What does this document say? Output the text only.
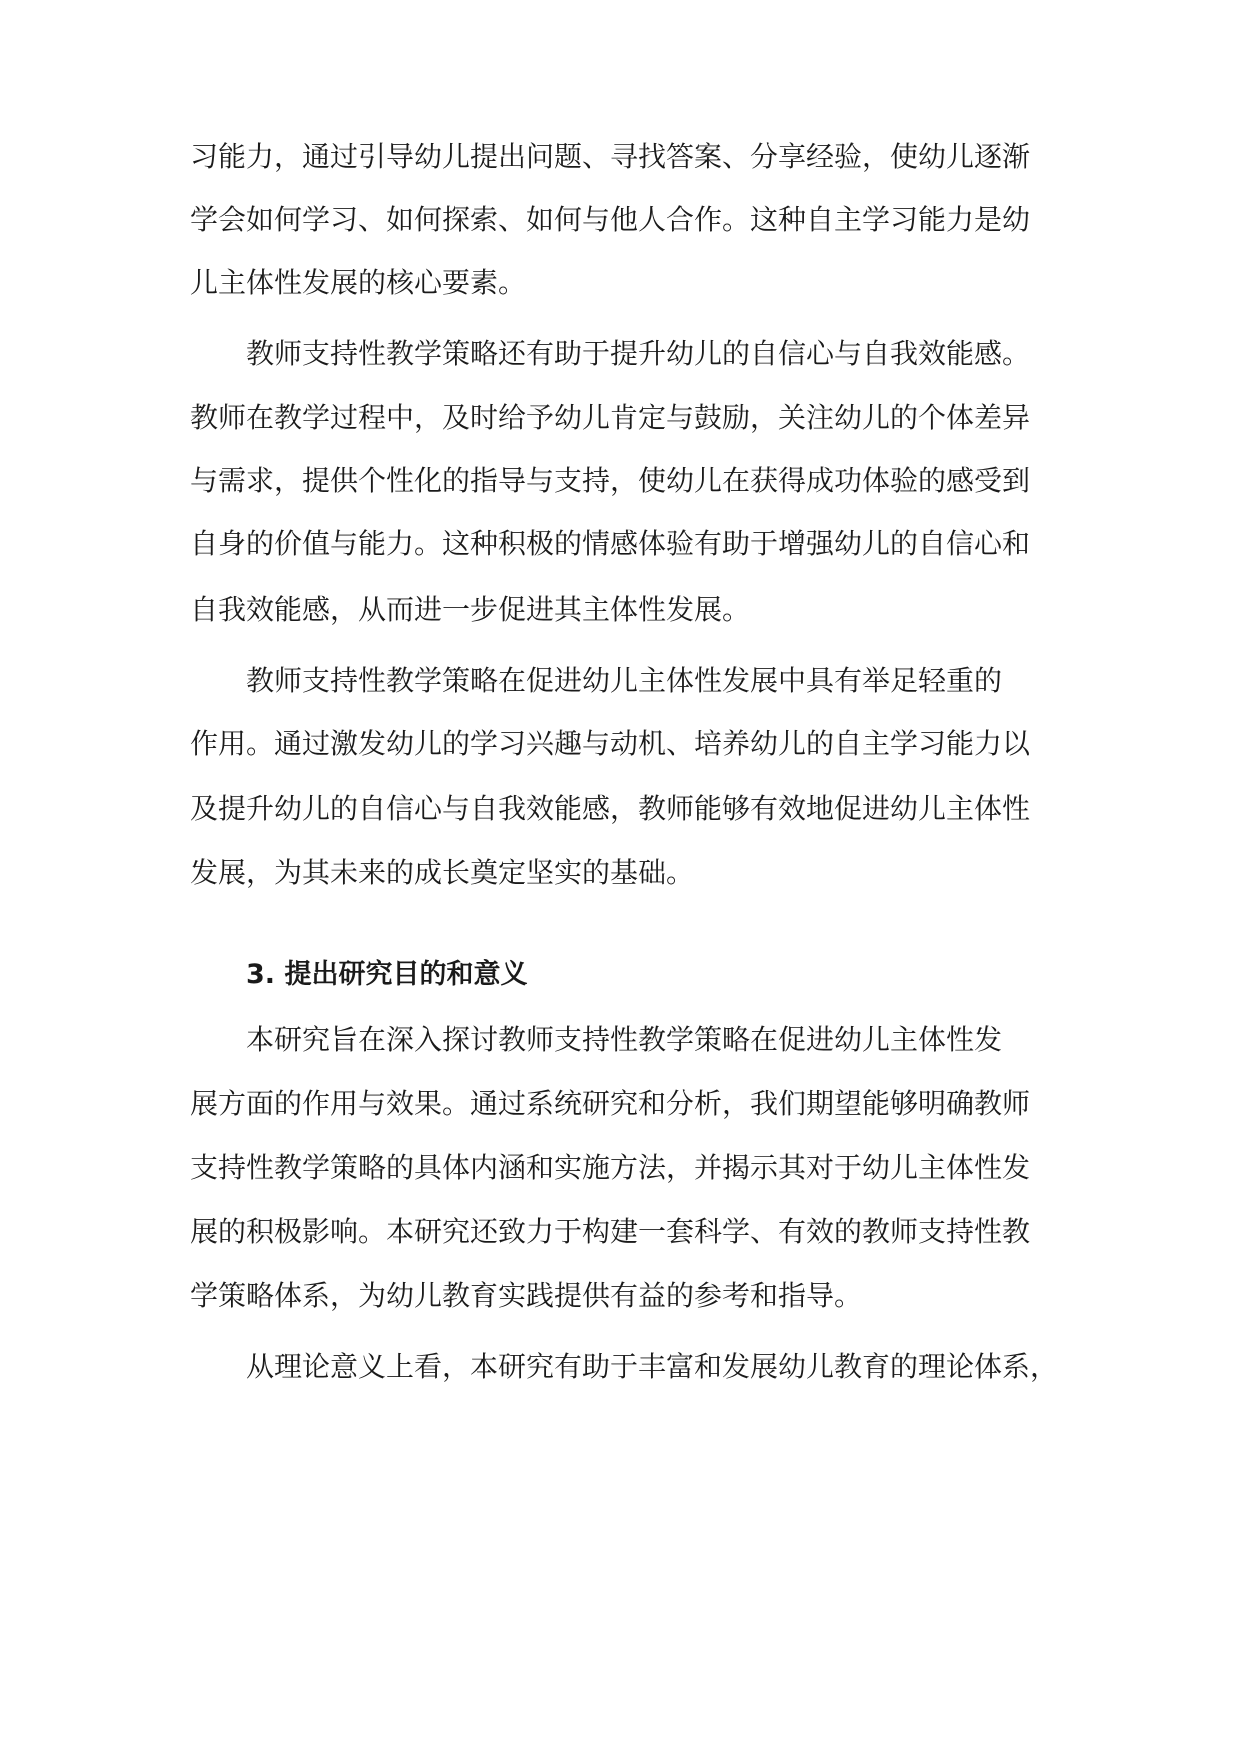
习能力，通过引导幼儿提出问题、寻找答案、分享经验，使幼儿逐渐
学会如何学习、如何探索、如何与他人合作。这种自主学习能力是幼
儿主体性发展的核心要素。
教师支持性教学策略还有助于提升幼儿的自信心与自我效能感。
教师在教学过程中，及时给予幼儿肯定与鼓励，关注幼儿的个体差异
与需求，提供个性化的指导与支持，使幼儿在获得成功体验的感受到
自身的价值与能力。这种积极的情感体验有助于增强幼儿的自信心和
自我效能感，从而进一步促进其主体性发展。
教师支持性教学策略在促进幼儿主体性发展中具有举足轻重的
作用。通过激发幼儿的学习兴趣与动机、培养幼儿的自主学习能力以
及提升幼儿的自信心与自我效能感，教师能够有效地促进幼儿主体性
发展，为其未来的成长奠定坚实的基础。
3. 提出研究目的和意义
本研究旨在深入探讨教师支持性教学策略在促进幼儿主体性发
展方面的作用与效果。通过系统研究和分析，我们期望能够明确教师
支持性教学策略的具体内涵和实施方法，并揭示其对于幼儿主体性发
展的积极影响。本研究还致力于构建一套科学、有效的教师支持性教
学策略体系，为幼儿教育实践提供有益的参考和指导。
从理论意义上看，本研究有助于丰富和发展幼儿教育的理论体系，
